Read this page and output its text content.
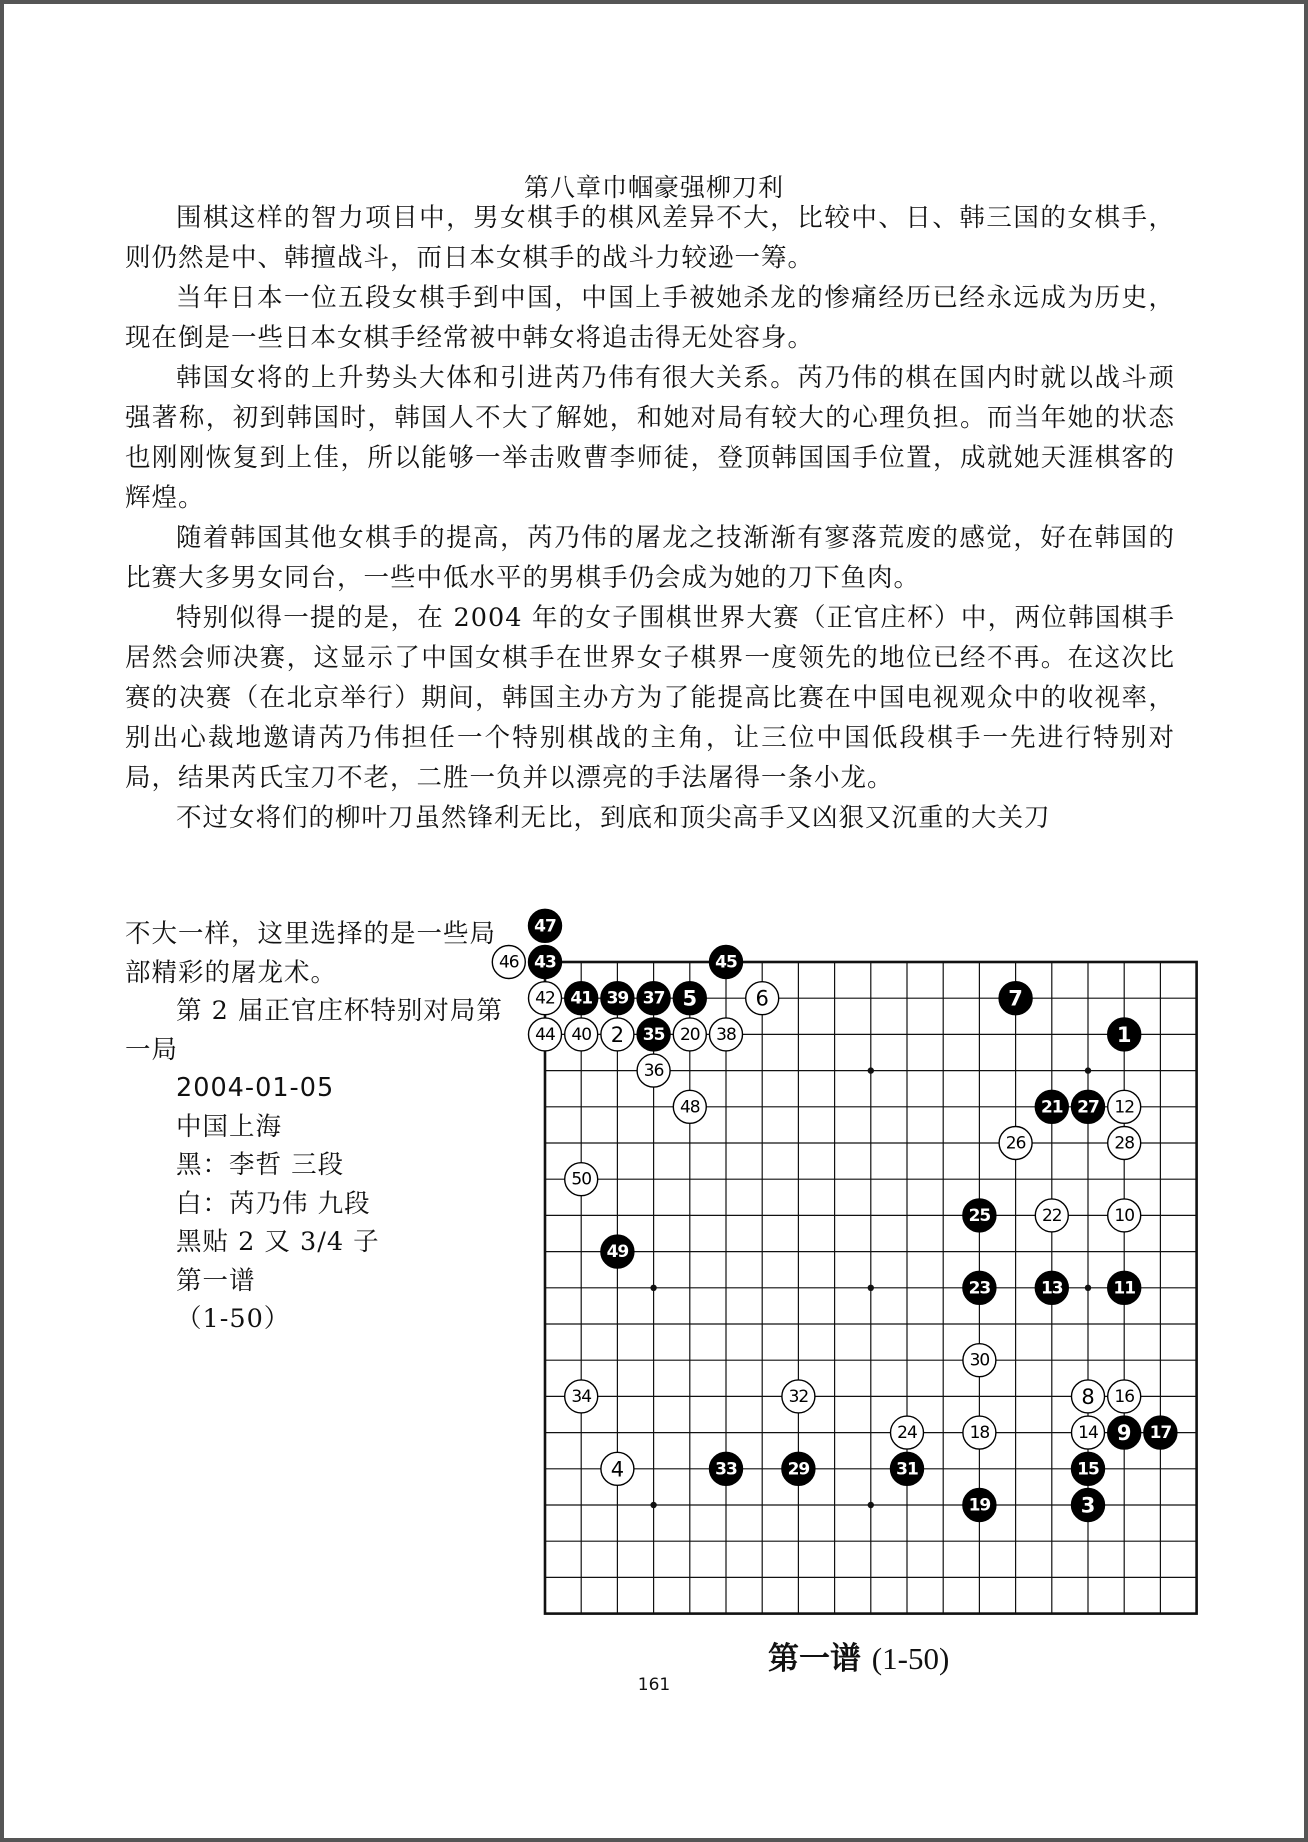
第八章巾帼豪强柳刀利

围棋这样的智力项目中，男女棋手的棋风差异不大，比较中、日、韩三国的女棋手，则仍然是中、韩擅战斗，而日本女棋手的战斗力较逊一筹。

当年日本一位五段女棋手到中国，中国上手被她杀龙的惨痛经历已经永远成为历史，现在倒是一些日本女棋手经常被中韩女将追击得无处容身。

韩国女将的上升势头大体和引进芮乃伟有很大关系。芮乃伟的棋在国内时就以战斗顽强著称，初到韩国时，韩国人不大了解她，和她对局有较大的心理负担。而当年她的状态也刚刚恢复到上佳，所以能够一举击败曹李师徒，登顶韩国国手位置，成就她天涯棋客的辉煌。

随着韩国其他女棋手的提高，芮乃伟的屠龙之技渐渐有寥落荒废的感觉，好在韩国的比赛大多男女同台，一些中低水平的男棋手仍会成为她的刀下鱼肉。

特别似得一提的是，在 2004 年的女子围棋世界大赛（正官庄杯）中，两位韩国棋手居然会师决赛，这显示了中国女棋手在世界女子棋界一度领先的地位已经不再。在这次比赛的决赛（在北京举行）期间，韩国主办方为了能提高比赛在中国电视观众中的收视率，别出心裁地邀请芮乃伟担任一个特别棋战的主角，让三位中国低段棋手一先进行特别对局，结果芮氏宝刀不老，二胜一负并以漂亮的手法屠得一条小龙。

不过女将们的柳叶刀虽然锋利无比，到底和顶尖高手又凶狠又沉重的大关刀

不大一样，这里选择的是一些局部精彩的屠龙术。
第 2 届正官庄杯特别对局第一局
2004-01-05
中国上海
黑：李哲 三段
白：芮乃伟 九段
黑贴 2 又 3/4 子
第一谱
（1-50）
1
2
3
4
5	6	7
8
9
10
11
12
13
14
15
16
17
18
19
20
21
22
23
24
25
26
27
28
29
30
31
32
33
34
35
36
37
38
39
40
41
42
43
44
45
46
47
48
49
50
第一谱 (1-50)
161
